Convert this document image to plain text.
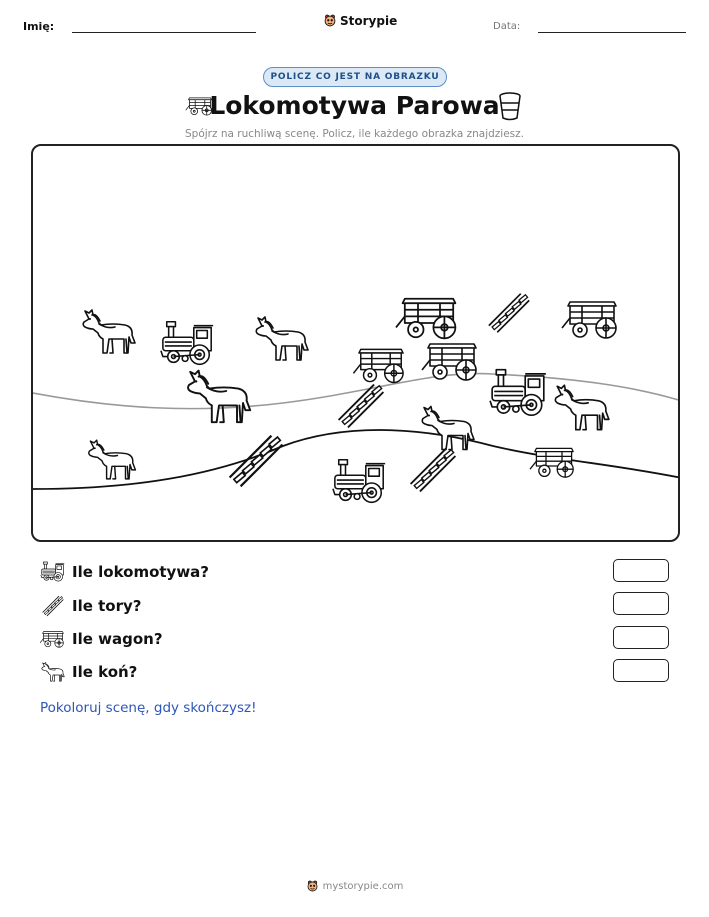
Imię:	Storypie	Data:
POLICZ CO JEST NA OBRAZKU
Lokomotywa Parowa
Spójrz na ruchliwą scenę. Policz, ile każdego obrazka znajdziesz.
Ile lokomotywa?
Ile tory?
Ile wagon?
Ile koń?
Pokoloruj scenę, gdy skończysz!
mystorypie.com
